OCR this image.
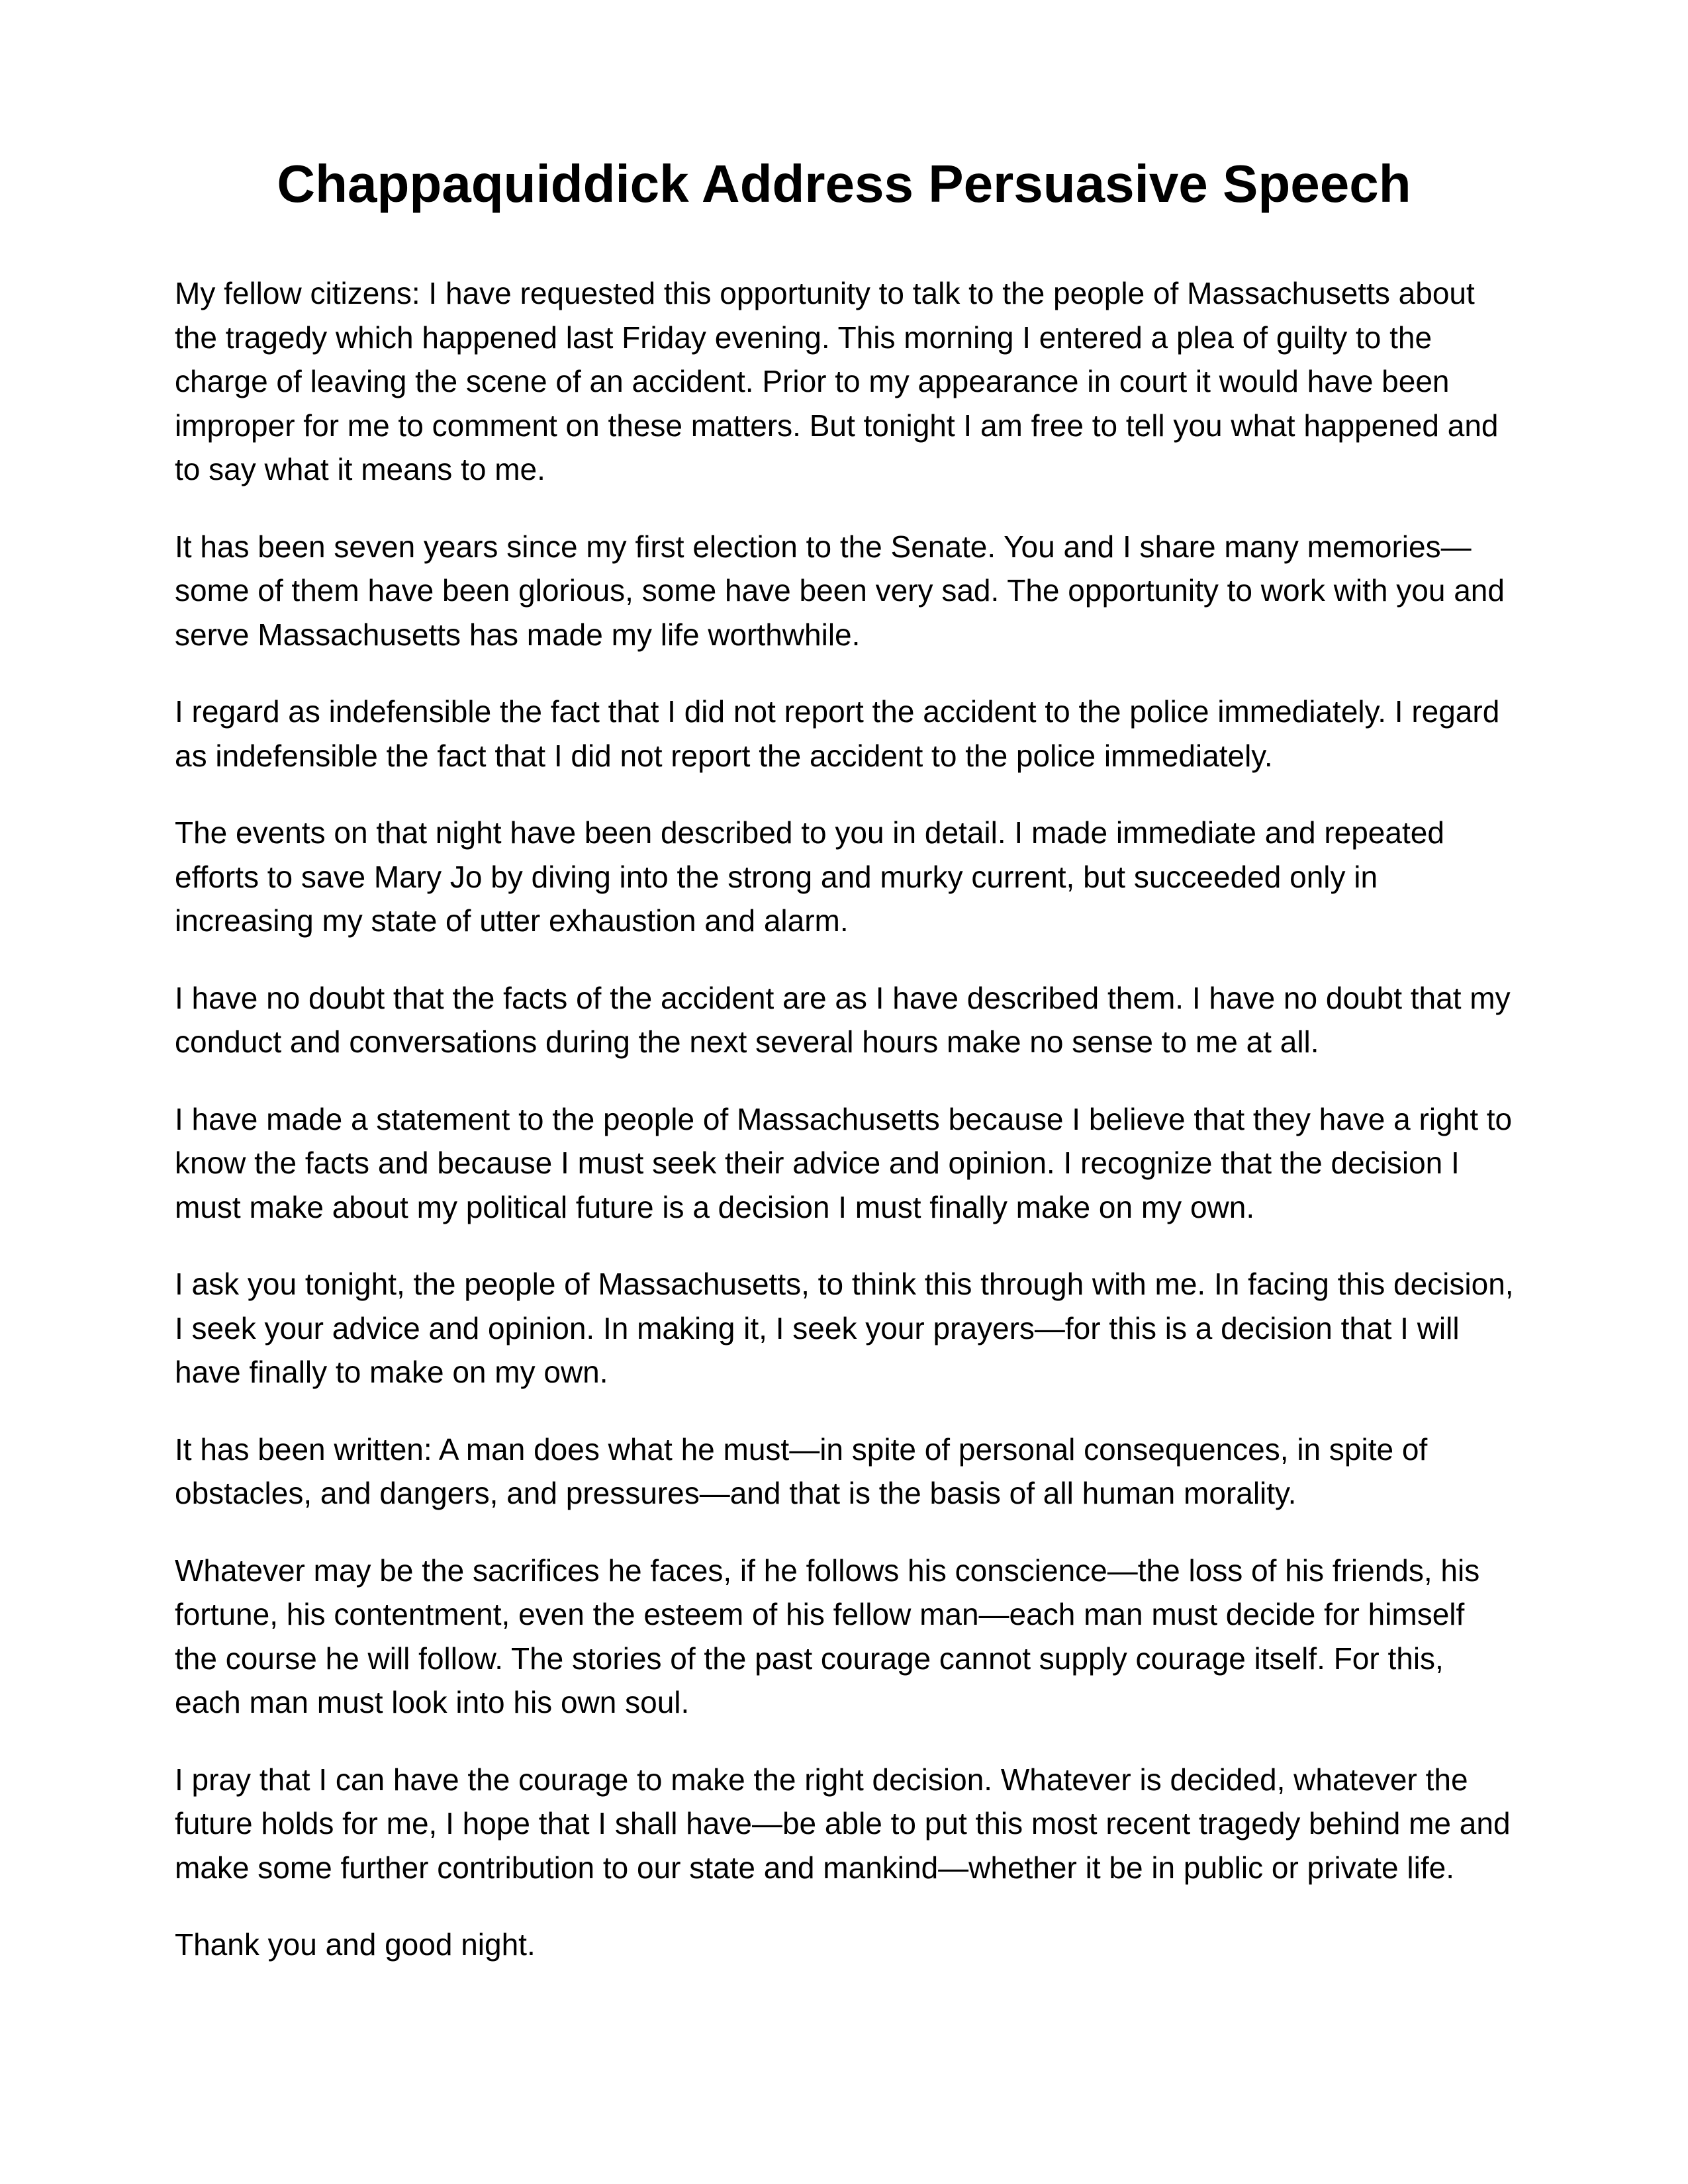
Chappaquiddick Address Persuasive Speech

My fellow citizens: I have requested this opportunity to talk to the people of Massachusetts about the tragedy which happened last Friday evening. This morning I entered a plea of guilty to the charge of leaving the scene of an accident. Prior to my appearance in court it would have been improper for me to comment on these matters. But tonight I am free to tell you what happened and to say what it means to me.

It has been seven years since my first election to the Senate. You and I share many memories—some of them have been glorious, some have been very sad. The opportunity to work with you and serve Massachusetts has made my life worthwhile.

I regard as indefensible the fact that I did not report the accident to the police immediately. I regard as indefensible the fact that I did not report the accident to the police immediately.

The events on that night have been described to you in detail. I made immediate and repeated efforts to save Mary Jo by diving into the strong and murky current, but succeeded only in increasing my state of utter exhaustion and alarm.

I have no doubt that the facts of the accident are as I have described them. I have no doubt that my conduct and conversations during the next several hours make no sense to me at all.

I have made a statement to the people of Massachusetts because I believe that they have a right to know the facts and because I must seek their advice and opinion. I recognize that the decision I must make about my political future is a decision I must finally make on my own.

I ask you tonight, the people of Massachusetts, to think this through with me. In facing this decision, I seek your advice and opinion. In making it, I seek your prayers—for this is a decision that I will have finally to make on my own.

It has been written: A man does what he must—in spite of personal consequences, in spite of obstacles, and dangers, and pressures—and that is the basis of all human morality.

Whatever may be the sacrifices he faces, if he follows his conscience—the loss of his friends, his fortune, his contentment, even the esteem of his fellow man—each man must decide for himself the course he will follow. The stories of the past courage cannot supply courage itself. For this, each man must look into his own soul.

I pray that I can have the courage to make the right decision. Whatever is decided, whatever the future holds for me, I hope that I shall have—be able to put this most recent tragedy behind me and make some further contribution to our state and mankind—whether it be in public or private life.

Thank you and good night.
